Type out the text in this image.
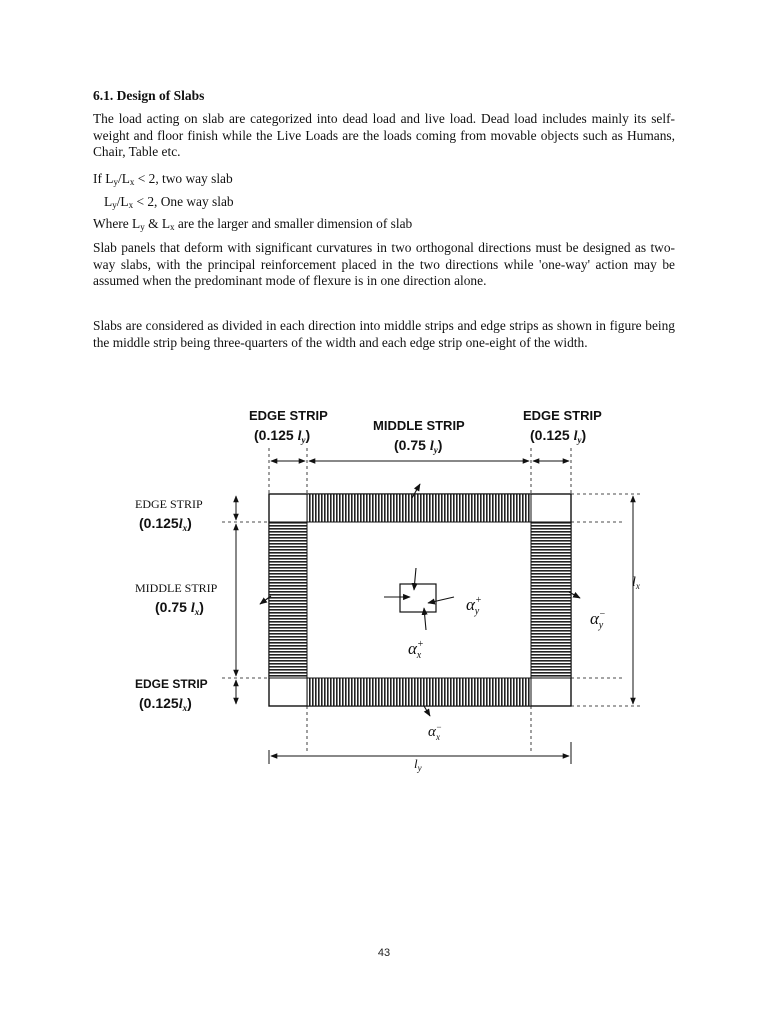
6.1. Design of Slabs
The load acting on slab are categorized into dead load and live load. Dead load includes mainly its self-weight and floor finish while the Live Loads are the loads coming from movable objects such as Humans, Chair, Table etc.
If $L_y/L_x < 2$, two way slab
$L_y/L_x < 2$, One way slab
Where $L_y$ & $L_x$ are the larger and smaller dimension of slab
Slab panels that deform with significant curvatures in two orthogonal directions must be designed as two-way slabs, with the principal reinforcement placed in the two directions while 'one-way' action may be assumed when the predominant mode of flexure is in one direction alone.
Slabs are considered as divided in each direction into middle strips and edge strips as shown in figure being the middle strip being three-quarters of the width and each edge strip one-eight of the width.
EDGE STRIP
(0.125 $l_y$)
MIDDLE STRIP
(0.75 $l_y$)
EDGE STRIP
(0.125 $l_y$)
EDGE STRIP
$(0.125l_x)$
MIDDLE STRIP
(0.75 $l_x$)
EDGE STRIP
$(0.125l_x)$
$l_x$
$l_y$
α+ y
α+ x
α− y
α− x
43
